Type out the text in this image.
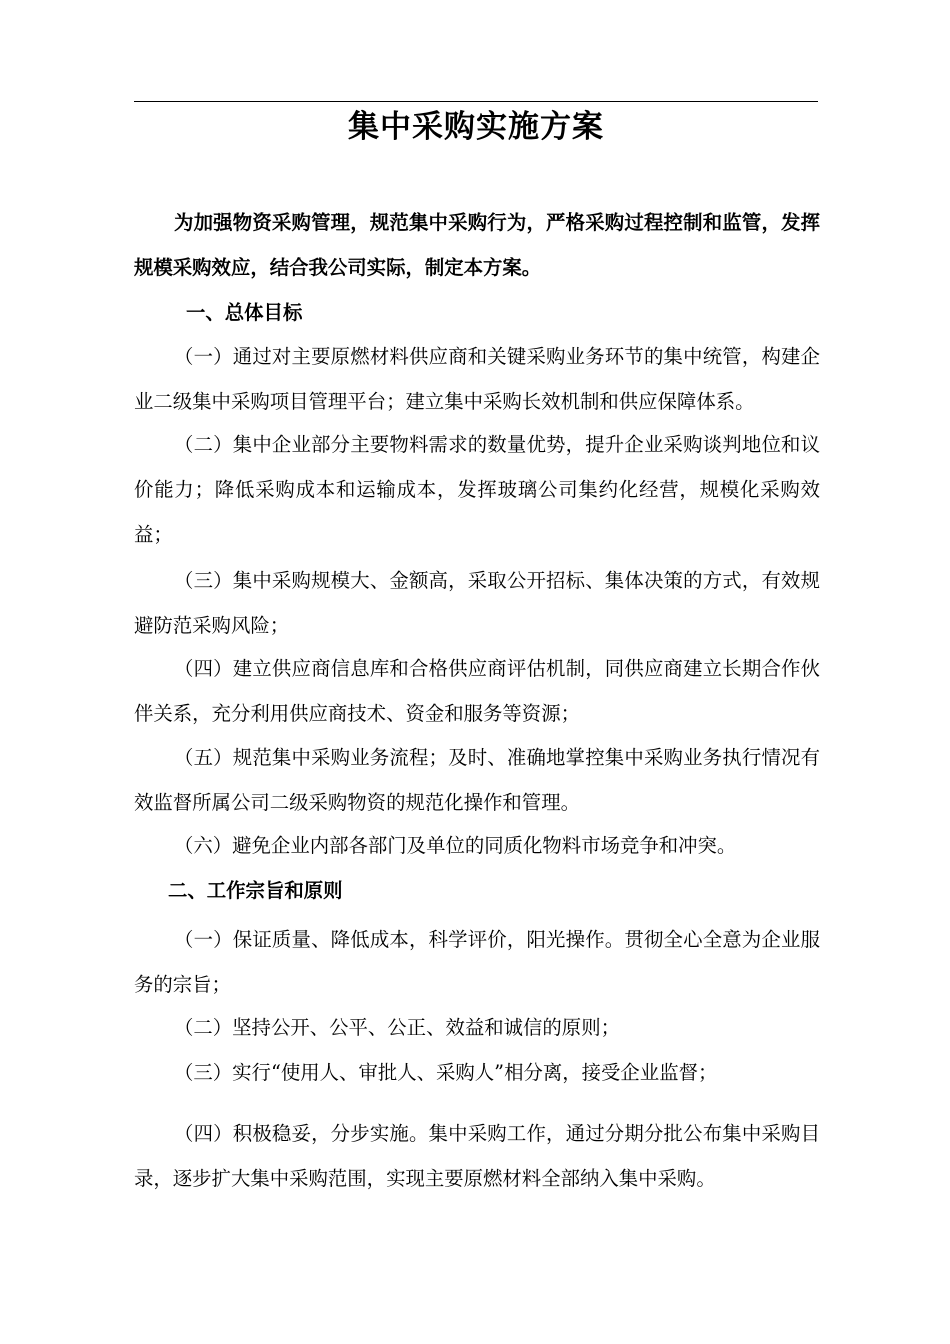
集中采购实施方案

为加强物资采购管理，规范集中采购行为，严格采购过程控制和监管，发挥规模采购效应，结合我公司实际，制定本方案。

一、总体目标

（一）通过对主要原燃材料供应商和关键采购业务环节的集中统管，构建企业二级集中采购项目管理平台；建立集中采购长效机制和供应保障体系。

（二）集中企业部分主要物料需求的数量优势，提升企业采购谈判地位和议价能力；降低采购成本和运输成本，发挥玻璃公司集约化经营，规模化采购效益；

（三）集中采购规模大、金额高，采取公开招标、集体决策的方式，有效规避防范采购风险；

（四）建立供应商信息库和合格供应商评估机制，同供应商建立长期合作伙伴关系，充分利用供应商技术、资金和服务等资源；

（五）规范集中采购业务流程；及时、准确地掌控集中采购业务执行情况有效监督所属公司二级采购物资的规范化操作和管理。

（六）避免企业内部各部门及单位的同质化物料市场竞争和冲突。

二、工作宗旨和原则

（一）保证质量、降低成本，科学评价，阳光操作。贯彻全心全意为企业服务的宗旨；

（二）坚持公开、公平、公正、效益和诚信的原则；

（三）实行“使用人、审批人、采购人”相分离，接受企业监督；

（四）积极稳妥，分步实施。集中采购工作，通过分期分批公布集中采购目录，逐步扩大集中采购范围，实现主要原燃材料全部纳入集中采购。
